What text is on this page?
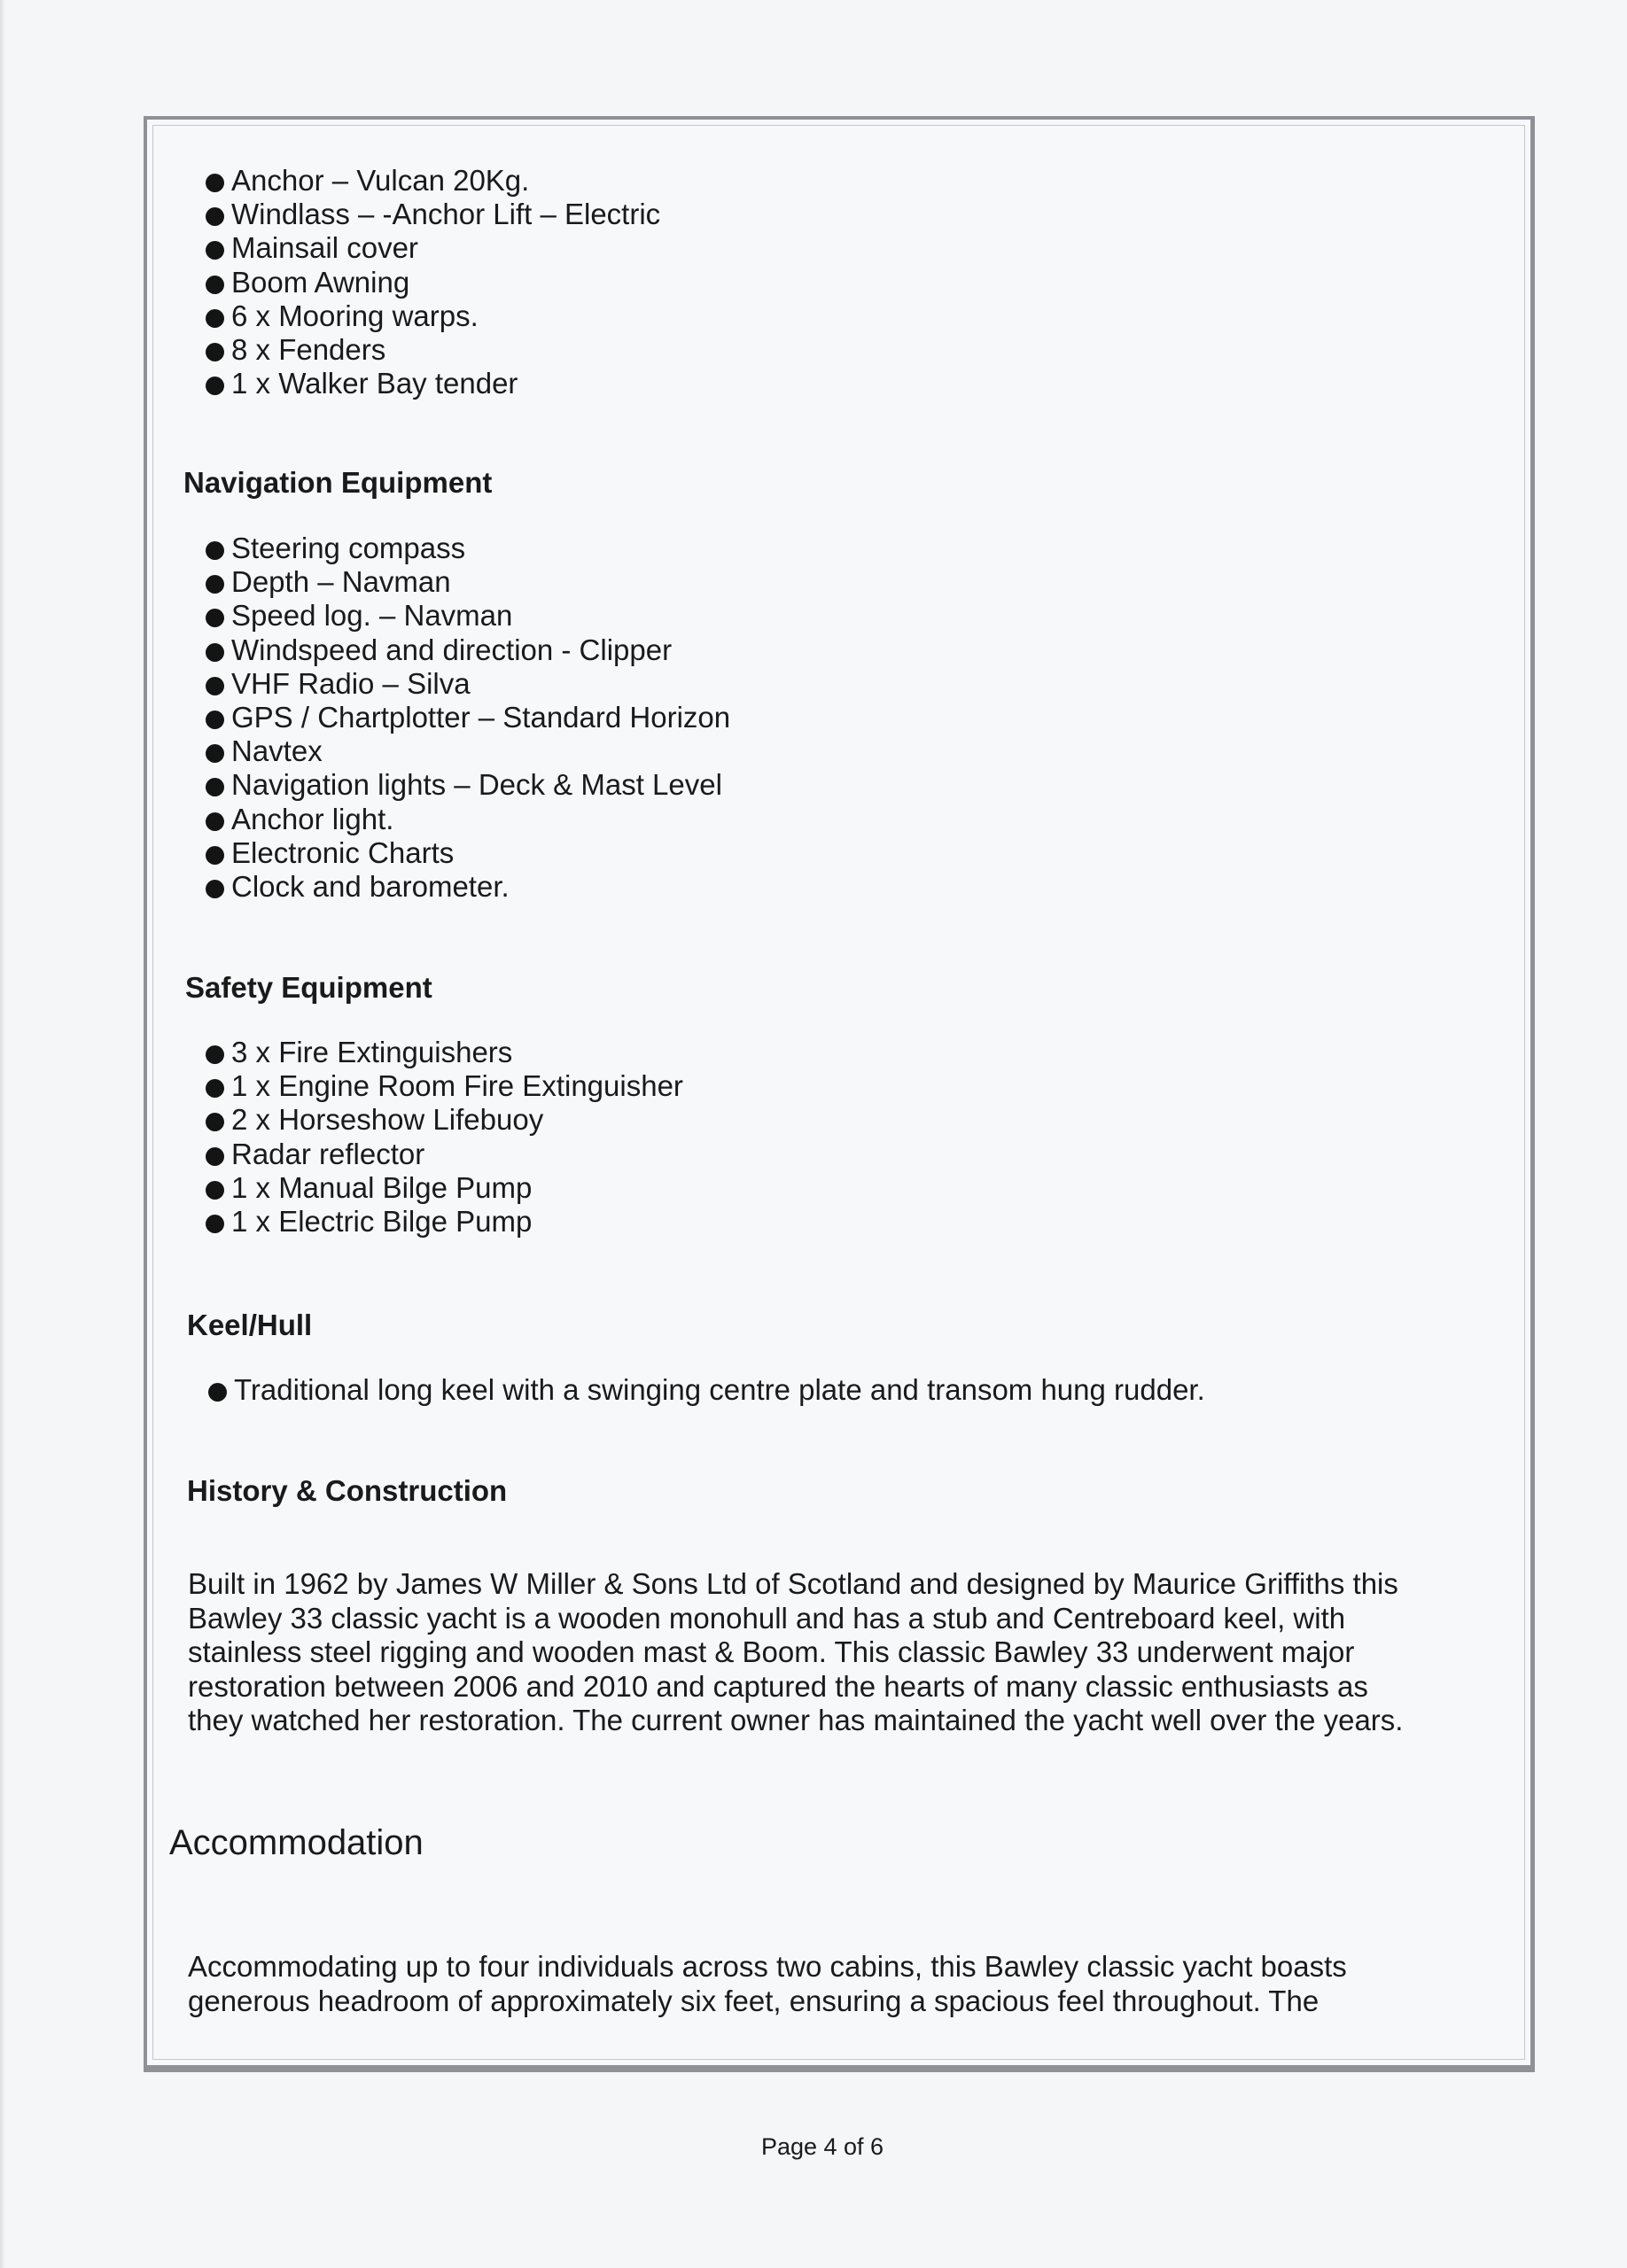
Anchor – Vulcan 20Kg.
Windlass – -Anchor Lift – Electric
Mainsail cover
Boom Awning
6 x Mooring warps.
8 x Fenders
1 x Walker Bay tender
Navigation Equipment
Steering compass
Depth – Navman
Speed log. – Navman
Windspeed and direction - Clipper
VHF Radio – Silva
GPS / Chartplotter – Standard Horizon
Navtex
Navigation lights – Deck & Mast Level
Anchor light.
Electronic Charts
Clock and barometer.
Safety Equipment
3 x Fire Extinguishers
1 x Engine Room Fire Extinguisher
2 x Horseshow Lifebuoy
Radar reflector
1 x Manual Bilge Pump
1 x Electric Bilge Pump
Keel/Hull
Traditional long keel with a swinging centre plate and transom hung rudder.
History & Construction
Built in 1962 by James W Miller & Sons Ltd of Scotland and designed by Maurice Griffiths this
Bawley 33 classic yacht is a wooden monohull and has a stub and Centreboard keel, with
stainless steel rigging and wooden mast & Boom. This classic Bawley 33 underwent major
restoration between 2006 and 2010 and captured the hearts of many classic enthusiasts as
they watched her restoration. The current owner has maintained the yacht well over the years.
Accommodation
Accommodating up to four individuals across two cabins, this Bawley classic yacht boasts
generous headroom of approximately six feet, ensuring a spacious feel throughout. The
Page 4 of 6
